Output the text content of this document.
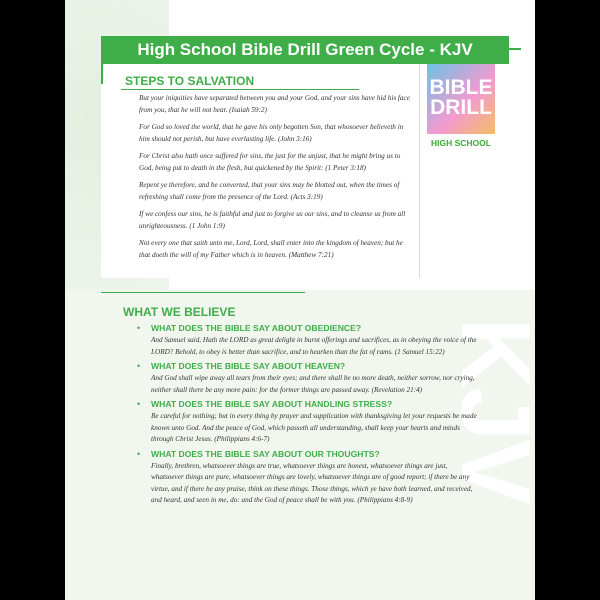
KJV
High School Bible Drill Green Cycle - KJV
STEPS TO SALVATION

But your iniquities have separated between you and your God, and your sins have hid his face from you, that he will not hear. (Isaiah 59:2)

For God so loved the world, that he gave his only begotten Son, that whosoever believeth in him should not perish, but have everlasting life. (John 3:16)

For Christ also hath once suffered for sins, the just for the unjust, that he might bring us to God, being put to death in the flesh, but quickened by the Spirit: (1 Peter 3:18)

Repent ye therefore, and be converted, that your sins may be blotted out, when the times of refreshing shall come from the presence of the Lord. (Acts 3:19)

If we confess our sins, he is faithful and just to forgive us our sins, and to cleanse us from all unrighteousness. (1 John 1:9)

Not every one that saith unto me, Lord, Lord, shall enter into the kingdom of heaven; but he that doeth the will of my Father which is in heaven. (Matthew 7:21)

BIBLE
DRILL
HIGH SCHOOL
WHAT WE BELIEVE
•	WHAT DOES THE BIBLE SAY ABOUT OBEDIENCE?
And Samuel said, Hath the LORD as great delight in burnt offerings and sacrifices, as in obeying the voice of the LORD? Behold, to obey is better than sacrifice, and to hearken than the fat of rams. (1 Samuel 15:22)
•	WHAT DOES THE BIBLE SAY ABOUT HEAVEN?
And God shall wipe away all tears from their eyes; and there shall be no more death, neither sorrow, nor crying, neither shall there be any more pain: for the former things are passed away. (Revelation 21:4)
•	WHAT DOES THE BIBLE SAY ABOUT HANDLING STRESS?
Be careful for nothing; but in every thing by prayer and supplication with thanksgiving let your requests be made known unto God. And the peace of God, which passeth all understanding, shall keep your hearts and minds through Christ Jesus. (Philippians 4:6-7)
•	WHAT DOES THE BIBLE SAY ABOUT OUR THOUGHTS?
Finally, brethren, whatsoever things are true, whatsoever things are honest, whatsoever things are just, whatsoever things are pure, whatsoever things are lovely, whatsoever things are of good report; if there be any virtue, and if there be any praise, think on these things. Those things, which ye have both learned, and received, and heard, and seen in me, do: and the God of peace shall be with you. (Philippians 4:8-9)
